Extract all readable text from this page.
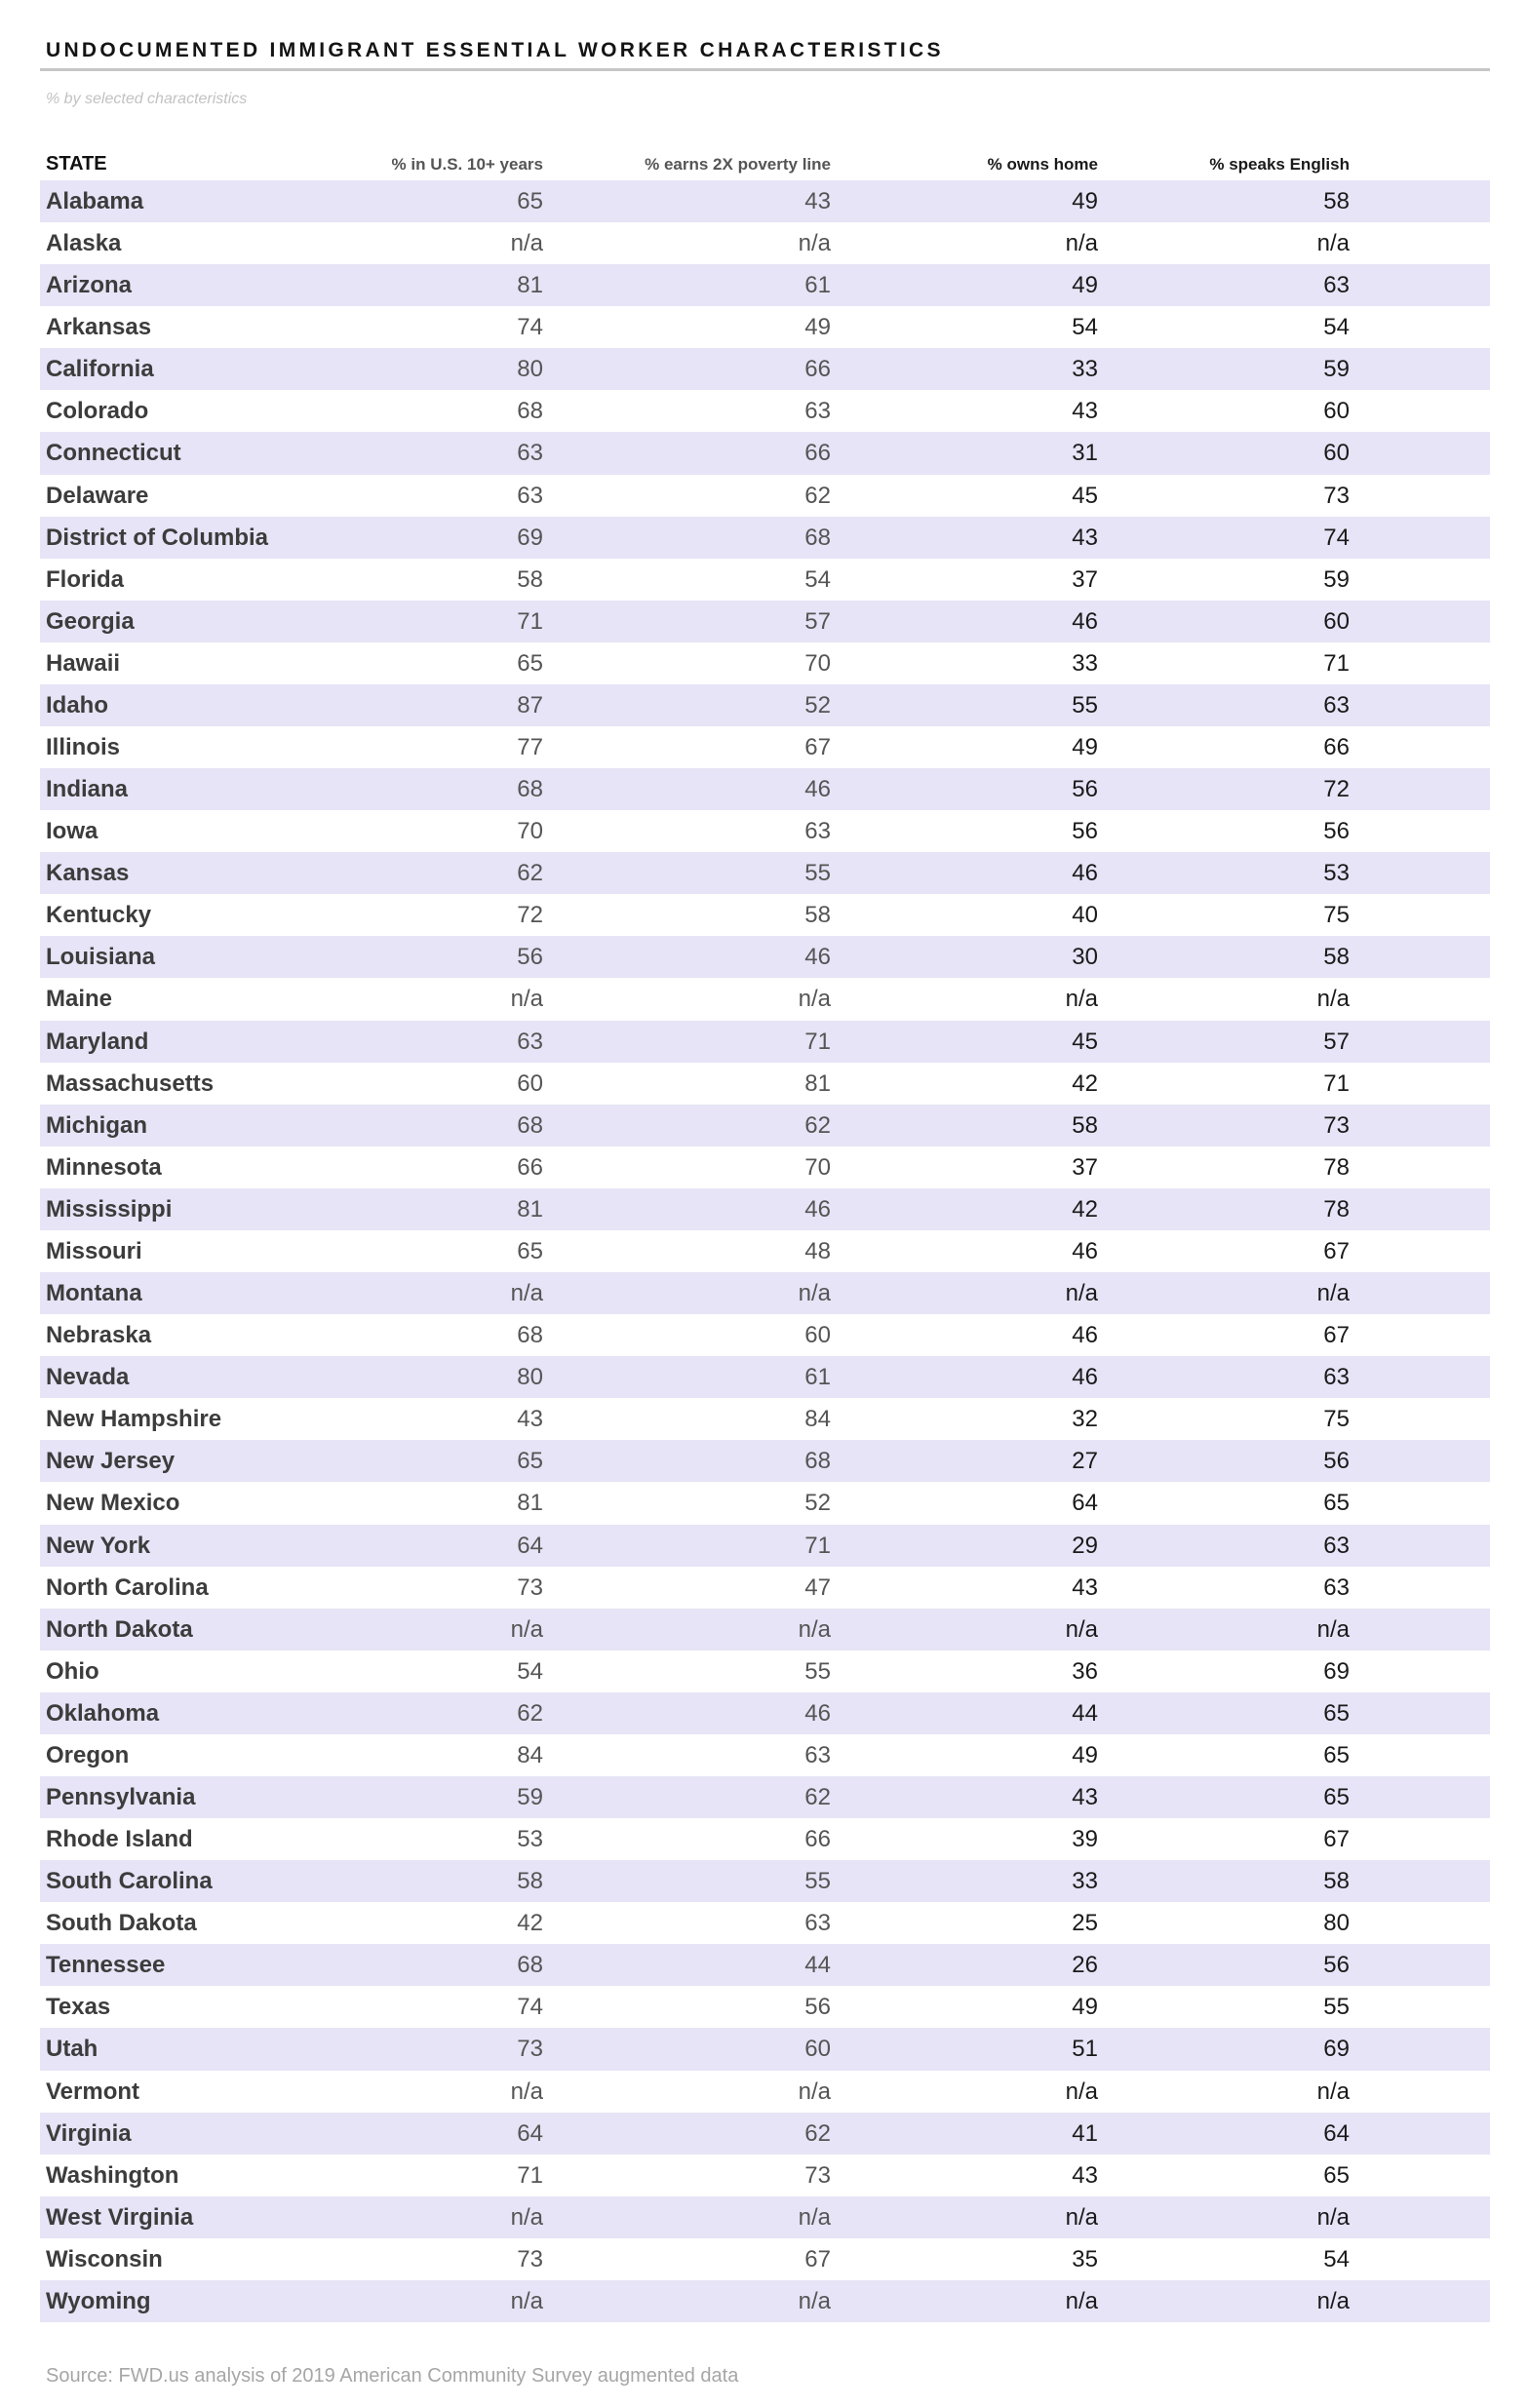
UNDOCUMENTED IMMIGRANT ESSENTIAL WORKER CHARACTERISTICS
% by selected characteristics
STATE	% in U.S. 10+ years	% earns 2X poverty line	% owns home	% speaks English
Alabama	65	43	49	58
Alaska	n/a	n/a	n/a	n/a
Arizona	81	61	49	63
Arkansas	74	49	54	54
California	80	66	33	59
Colorado	68	63	43	60
Connecticut	63	66	31	60
Delaware	63	62	45	73
District of Columbia	69	68	43	74
Florida	58	54	37	59
Georgia	71	57	46	60
Hawaii	65	70	33	71
Idaho	87	52	55	63
Illinois	77	67	49	66
Indiana	68	46	56	72
Iowa	70	63	56	56
Kansas	62	55	46	53
Kentucky	72	58	40	75
Louisiana	56	46	30	58
Maine	n/a	n/a	n/a	n/a
Maryland	63	71	45	57
Massachusetts	60	81	42	71
Michigan	68	62	58	73
Minnesota	66	70	37	78
Mississippi	81	46	42	78
Missouri	65	48	46	67
Montana	n/a	n/a	n/a	n/a
Nebraska	68	60	46	67
Nevada	80	61	46	63
New Hampshire	43	84	32	75
New Jersey	65	68	27	56
New Mexico	81	52	64	65
New York	64	71	29	63
North Carolina	73	47	43	63
North Dakota	n/a	n/a	n/a	n/a
Ohio	54	55	36	69
Oklahoma	62	46	44	65
Oregon	84	63	49	65
Pennsylvania	59	62	43	65
Rhode Island	53	66	39	67
South Carolina	58	55	33	58
South Dakota	42	63	25	80
Tennessee	68	44	26	56
Texas	74	56	49	55
Utah	73	60	51	69
Vermont	n/a	n/a	n/a	n/a
Virginia	64	62	41	64
Washington	71	73	43	65
West Virginia	n/a	n/a	n/a	n/a
Wisconsin	73	67	35	54
Wyoming	n/a	n/a	n/a	n/a
Source: FWD.us analysis of 2019 American Community Survey augmented data
